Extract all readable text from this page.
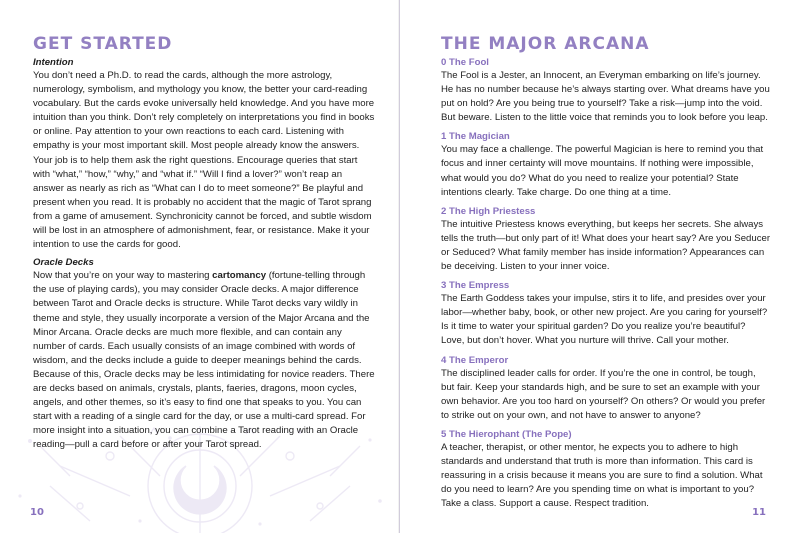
GET STARTED
Intention

You don’t need a Ph.D. to read the cards, although the more astrology, numerology, symbolism, and mythology you know, the better your card-reading vocabulary. But the cards evoke universally held knowledge. And you have more intuition than you think. Don’t rely completely on interpretations you find in books or online. Pay attention to your own reactions to each card. Listening with empathy is your most important skill. Most people already know the answers. Your job is to help them ask the right questions. Encourage queries that start with “what,” “how,” “why,” and “what if.” “Will I find a lover?” won’t reap an answer as nearly as rich as “What can I do to meet someone?” Be playful and present when you read. It is probably no accident that the magic of Tarot sprang from a game of amusement. Synchronicity cannot be forced, and subtle wisdom will be lost in an atmosphere of admonishment, fear, or resistance. Make it your intention to use the cards for good.

Oracle Decks

Now that you’re on your way to mastering cartomancy (fortune-telling through the use of playing cards), you may consider Oracle decks. A major difference between Tarot and Oracle decks is structure. While Tarot decks vary wildly in theme and style, they usually incorporate a version of the Major Arcana and the Minor Arcana. Oracle decks are much more flexible, and can contain any number of cards. Each usually consists of an image combined with words of wisdom, and the decks include a guide to deeper meanings behind the cards. Because of this, Oracle decks may be less intimidating for novice readers. There are decks based on animals, crystals, plants, faeries, dragons, moon cycles, angels, and other themes, so it’s easy to find one that speaks to you. You can start with a reading of a single card for the day, or use a multi-card spread. For more insight into a situation, you can combine a Tarot reading with an Oracle reading—pull a card before or after your Tarot spread.

10	11
THE MAJOR ARCANA
0 The Fool

The Fool is a Jester, an Innocent, an Everyman embarking on life’s journey. He has no number because he’s always starting over. What dreams have you put on hold? Are you being true to yourself? Take a risk—jump into the void. But beware. Listen to the little voice that reminds you to look before you leap.

1 The Magician

You may face a challenge. The powerful Magician is here to remind you that focus and inner certainty will move mountains. If nothing were impossible, what would you do? What do you need to realize your potential? State intentions clearly. Take charge. Do one thing at a time.

2 The High Priestess

The intuitive Priestess knows everything, but keeps her secrets. She always tells the truth—but only part of it! What does your heart say? Are you Seducer or Seduced? What family member has inside information? Appearances can be deceiving. Listen to your inner voice.

3 The Empress

The Earth Goddess takes your impulse, stirs it to life, and presides over your labor—whether baby, book, or other new project. Are you caring for yourself? Is it time to water your spiritual garden? Do you realize you’re beautiful? Love, but don’t hover. What you nurture will thrive. Call your mother.

4 The Emperor

The disciplined leader calls for order. If you’re the one in control, be tough, but fair. Keep your standards high, and be sure to set an example with your own behavior. Are you too hard on yourself? On others? Or would you prefer to strike out on your own, and not have to answer to anyone?

5 The Hierophant (The Pope)

A teacher, therapist, or other mentor, he expects you to adhere to high standards and understand that truth is more than information. This card is reassuring in a crisis because it means you are sure to find a solution. What do you need to learn? Are you spending time on what is important to you? Take a class. Support a cause. Respect tradition.
